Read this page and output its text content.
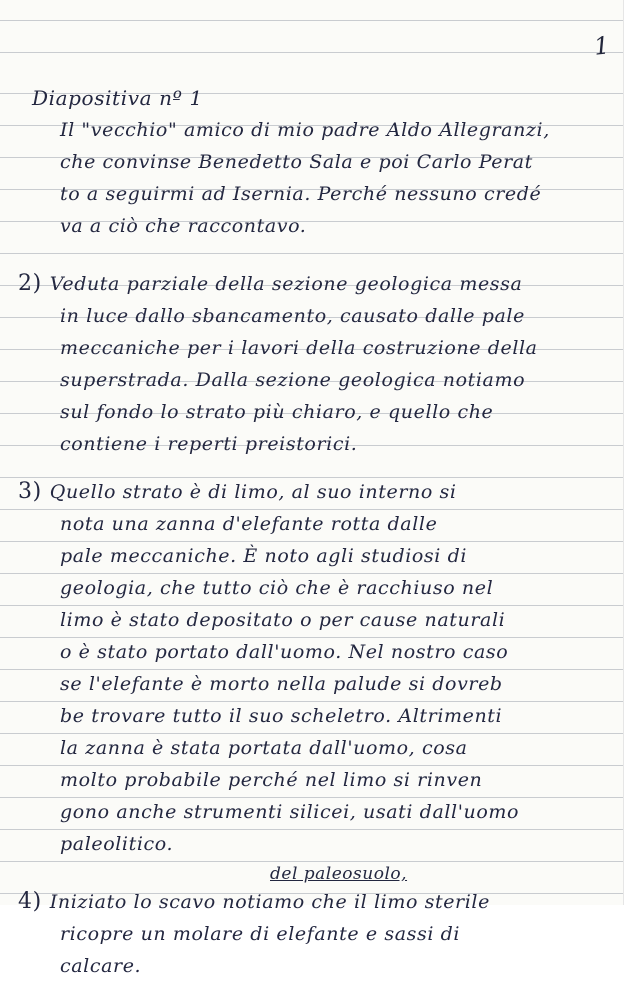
1
Diapositiva nº 1
Il "vecchio" amico di mio padre Aldo Allegranzi,
che convinse Benedetto Sala e poi Carlo Perat
to a seguirmi ad Isernia. Perché nessuno credé
va a ciò che raccontavo.
2) Veduta parziale della sezione geologica messa
in luce dallo sbancamento, causato dalle pale
meccaniche per i lavori della costruzione della
superstrada. Dalla sezione geologica notiamo
sul fondo lo strato più chiaro, e quello che
contiene i reperti preistorici.
3) Quello strato è di limo, al suo interno si
nota una zanna d'elefante rotta dalle
pale meccaniche. È noto agli studiosi di
geologia, che tutto ciò che è racchiuso nel
limo è stato depositato o per cause naturali
o è stato portato dall'uomo. Nel nostro caso
se l'elefante è morto nella palude si dovreb
be trovare tutto il suo scheletro. Altrimenti
la zanna è stata portata dall'uomo, cosa
molto probabile perché nel limo si rinven
gono anche strumenti silicei, usati dall'uomo
paleolitico.
del paleosuolo,
4) Iniziato lo scavo notiamo che il limo sterile
ricopre un molare di elefante e sassi di
calcare.
